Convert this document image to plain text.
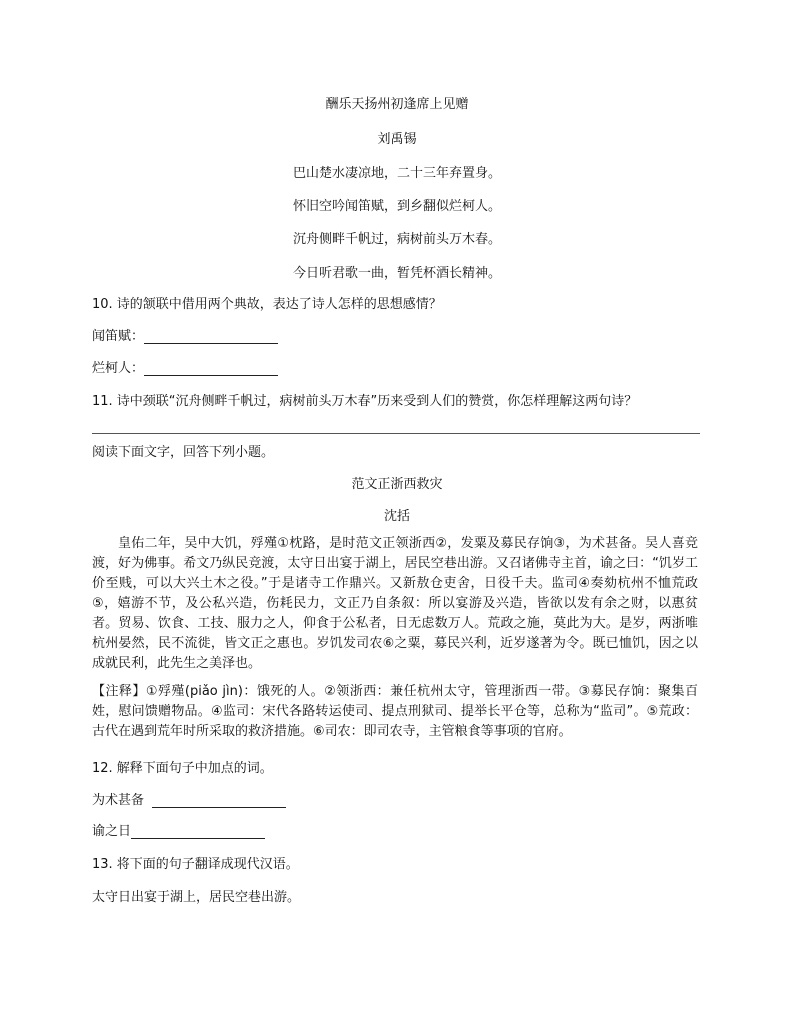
酬乐天扬州初逢席上见赠
刘禹锡
巴山楚水凄凉地，二十三年弃置身。
怀旧空吟闻笛赋，到乡翻似烂柯人。
沉舟侧畔千帆过，病树前头万木春。
今日听君歌一曲，暂凭杯酒长精神。
10. 诗的颔联中借用两个典故，表达了诗人怎样的思想感情？
闻笛赋：
烂柯人：
11. 诗中颈联“沉舟侧畔千帆过，病树前头万木春”历来受到人们的赞赏，你怎样理解这两句诗？
阅读下面文字，回答下列小题。
范文正浙西救灾
沈括

皇佑二年，吴中大饥，殍殣①枕路，是时范文正领浙西②，发粟及募民存饷③，为术甚备。吴人喜竞渡，好为佛事。希文乃纵民竞渡，太守日出宴于湖上，居民空巷出游。又召诸佛寺主首，谕之曰：“饥岁工价至贱，可以大兴土木之役。”于是诸寺工作鼎兴。又新敖仓吏舍，日役千夫。监司④奏劾杭州不恤荒政⑤，嬉游不节，及公私兴造，伤耗民力，文正乃自条叙：所以宴游及兴造，皆欲以发有余之财，以惠贫者。贸易、饮食、工技、服力之人，仰食于公私者，日无虑数万人。荒政之施，莫此为大。是岁，两浙唯杭州晏然，民不流徙，皆文正之惠也。岁饥发司农⑥之粟，募民兴利，近岁遂著为令。既已恤饥，因之以成就民利，此先生之美泽也。

【注释】①殍殣(piǎo jìn)：饿死的人。②领浙西：兼任杭州太守，管理浙西一带。③募民存饷：聚集百姓，慰问馈赠物品。④监司：宋代各路转运使司、提点刑狱司、提举长平仓等，总称为“监司”。⑤荒政：古代在遇到荒年时所采取的救济措施。⑥司农：即司农寺，主管粮食等事项的官府。

12. 解释下面句子中加点的词。
为术甚备
谕之日
13. 将下面的句子翻译成现代汉语。
太守日出宴于湖上，居民空巷出游。
